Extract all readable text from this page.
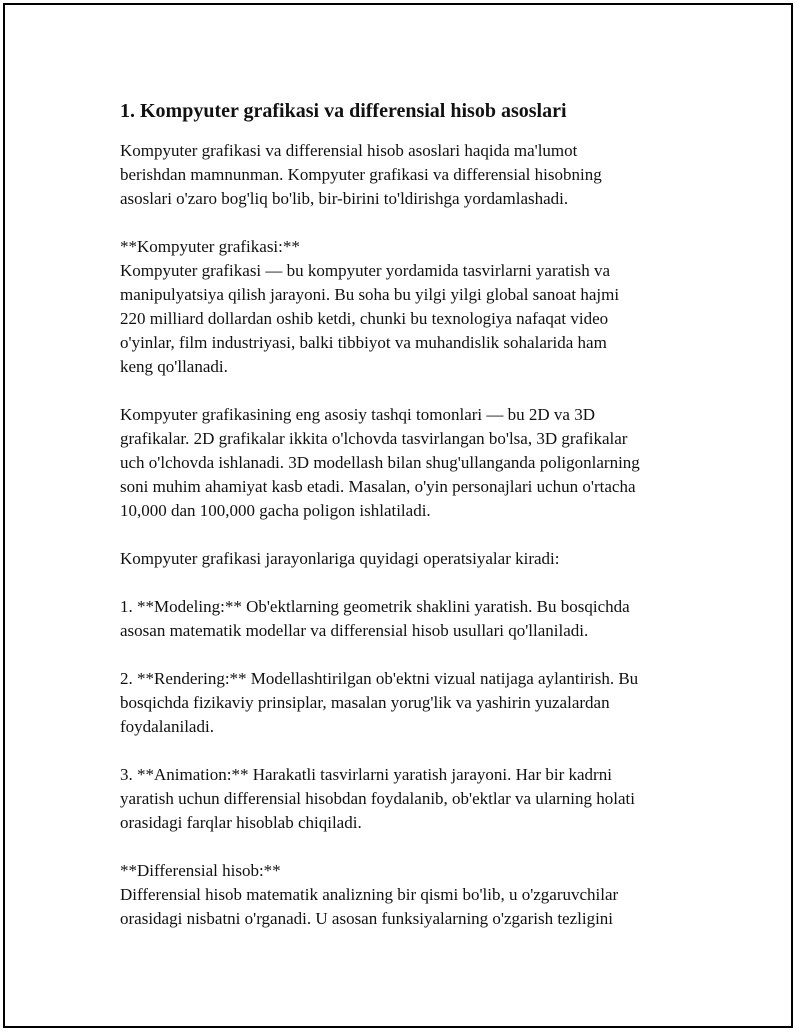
1. Kompyuter grafikasi va differensial hisob asoslari

Kompyuter grafikasi va differensial hisob asoslari haqida ma'lumot
berishdan mamnunman. Kompyuter grafikasi va differensial hisobning
asoslari o'zaro bog'liq bo'lib, bir-birini to'ldirishga yordamlashadi.

**Kompyuter grafikasi:**
Kompyuter grafikasi — bu kompyuter yordamida tasvirlarni yaratish va
manipulyatsiya qilish jarayoni. Bu soha bu yilgi yilgi global sanoat hajmi
220 milliard dollardan oshib ketdi, chunki bu texnologiya nafaqat video
o'yinlar, film industriyasi, balki tibbiyot va muhandislik sohalarida ham
keng qo'llanadi.

Kompyuter grafikasining eng asosiy tashqi tomonlari — bu 2D va 3D
grafikalar. 2D grafikalar ikkita o'lchovda tasvirlangan bo'lsa, 3D grafikalar
uch o'lchovda ishlanadi. 3D modellash bilan shug'ullanganda poligonlarning
soni muhim ahamiyat kasb etadi. Masalan, o'yin personajlari uchun o'rtacha
10,000 dan 100,000 gacha poligon ishlatiladi.

Kompyuter grafikasi jarayonlariga quyidagi operatsiyalar kiradi:

1. **Modeling:** Ob'ektlarning geometrik shaklini yaratish. Bu bosqichda
asosan matematik modellar va differensial hisob usullari qo'llaniladi.

2. **Rendering:** Modellashtirilgan ob'ektni vizual natijaga aylantirish. Bu
bosqichda fizikaviy prinsiplar, masalan yorug'lik va yashirin yuzalardan
foydalaniladi.

3. **Animation:** Harakatli tasvirlarni yaratish jarayoni. Har bir kadrni
yaratish uchun differensial hisobdan foydalanib, ob'ektlar va ularning holati
orasidagi farqlar hisoblab chiqiladi.

**Differensial hisob:**
Differensial hisob matematik analizning bir qismi bo'lib, u o'zgaruvchilar
orasidagi nisbatni o'rganadi. U asosan funksiyalarning o'zgarish tezligini
